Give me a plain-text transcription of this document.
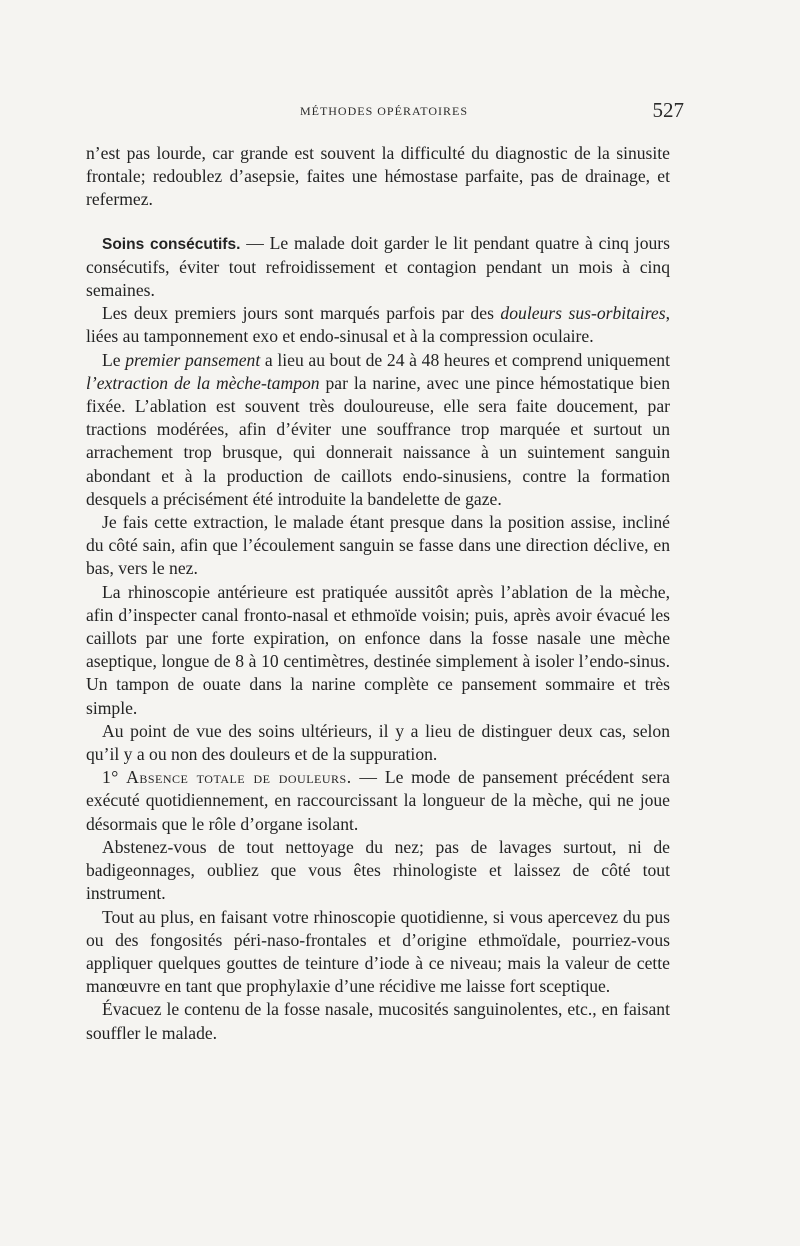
MÉTHODES OPÉRATOIRES	527

n’est pas lourde, car grande est souvent la difficulté du diagnostic de la sinusite frontale; redoublez d’asepsie, faites une hémostase parfaite, pas de drainage, et refermez.

Soins consécutifs. — Le malade doit garder le lit pendant quatre à cinq jours consécutifs, éviter tout refroidissement et contagion pendant un mois à cinq semaines.

Les deux premiers jours sont marqués parfois par des douleurs sus-orbitaires, liées au tamponnement exo et endo-sinusal et à la compression oculaire.

Le premier pansement a lieu au bout de 24 à 48 heures et comprend uniquement l’extraction de la mèche-tampon par la narine, avec une pince hémostatique bien fixée. L’ablation est souvent très douloureuse, elle sera faite doucement, par tractions modérées, afin d’éviter une souffrance trop marquée et surtout un arrachement trop brusque, qui donnerait naissance à un suintement sanguin abondant et à la production de caillots endo-sinusiens, contre la formation desquels a précisément été introduite la bandelette de gaze.

Je fais cette extraction, le malade étant presque dans la position assise, incliné du côté sain, afin que l’écoulement sanguin se fasse dans une direction déclive, en bas, vers le nez.

La rhinoscopie antérieure est pratiquée aussitôt après l’ablation de la mèche, afin d’inspecter canal fronto-nasal et ethmoïde voisin; puis, après avoir évacué les caillots par une forte expiration, on enfonce dans la fosse nasale une mèche aseptique, longue de 8 à 10 centimètres, destinée simplement à isoler l’endo-sinus. Un tampon de ouate dans la narine complète ce pansement sommaire et très simple.

Au point de vue des soins ultérieurs, il y a lieu de distinguer deux cas, selon qu’il y a ou non des douleurs et de la suppuration.

1° Absence totale de douleurs. — Le mode de pansement précédent sera exécuté quotidiennement, en raccourcissant la longueur de la mèche, qui ne joue désormais que le rôle d’organe isolant.

Abstenez-vous de tout nettoyage du nez; pas de lavages surtout, ni de badigeonnages, oubliez que vous êtes rhinologiste et laissez de côté tout instrument.

Tout au plus, en faisant votre rhinoscopie quotidienne, si vous apercevez du pus ou des fongosités péri-naso-frontales et d’origine ethmoïdale, pourriez-vous appliquer quelques gouttes de teinture d’iode à ce niveau; mais la valeur de cette manœuvre en tant que prophylaxie d’une récidive me laisse fort sceptique.

Évacuez le contenu de la fosse nasale, mucosités sanguinolentes, etc., en faisant souffler le malade.
